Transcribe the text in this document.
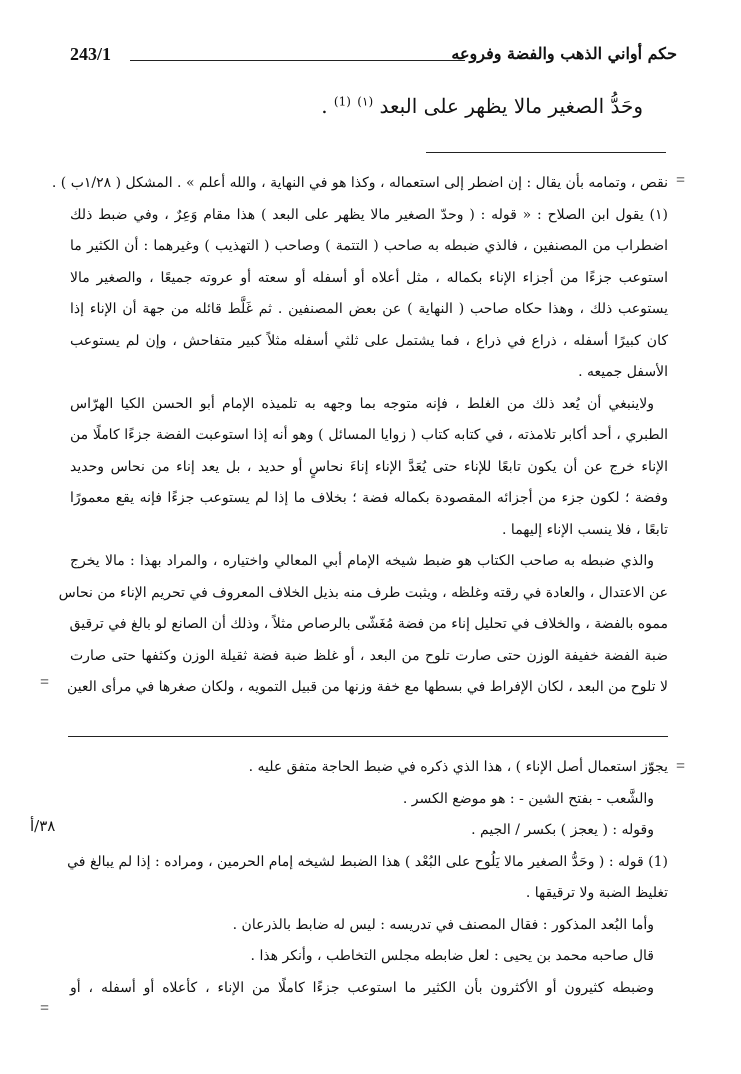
243/1	حكم أواني الذهب والفضة وفروعه
وحَدُّ الصغير مالا يظهر على البعد $^{(١)}$ $^{(1)}$ .
=

نقص ، وتمامه بأن يقال : إن اضطر إلى استعماله ، وكذا هو في النهاية ، والله أعلم » . المشكل ( ١/٢٨ب ) .

(١) يقول ابن الصلاح : « قوله : ( وحدّ الصغير مالا يظهر على البعد ) هذا مقام وَعِرٌ ، وفي ضبط ذلك

اضطراب من المصنفين ، فالذي ضبطه به صاحب ( التتمة ) وصاحب ( التهذيب ) وغيرهما : أن الكثير ما

استوعب جزءًا من أجزاء الإناء بكماله ، مثل أعلاه أو أسفله أو سعته أو عروته جميعًا ، والصغير مالا

يستوعب ذلك ، وهذا حكاه صاحب ( النهاية ) عن بعض المصنفين . ثم غَلَّط قائله من جهة أن الإناء إذا

كان كبيرًا أسفله ، ذراع في ذراع ، فما يشتمل على ثلثي أسفله مثلاً كبير متفاحش ، وإن لم يستوعب

الأسفل جميعه .

ولاينبغي أن يُعد ذلك من الغلط ، فإنه متوجه بما وجهه به تلميذه الإمام أبو الحسن الكيا الهرّاس

الطبري ، أحد أكابر تلامذته ، في كتابه كتاب ( زوايا المسائل ) وهو أنه إذا استوعبت الفضة جزءًا كاملًا من

الإناء خرج عن أن يكون تابعًا للإناء حتى يُعَدَّ الإناء إناءَ نحاسٍ أو حديد ، بل يعد إناء من نحاس وحديد

وفضة ؛ لكون جزء من أجزائه المقصودة بكماله فضة ؛ بخلاف ما إذا لم يستوعب جزءًا فإنه يقع معمورًا

تابعًا ، فلا ينسب الإناء إليهما .

والذي ضبطه به صاحب الكتاب هو ضبط شيخه الإمام أبي المعالي واختياره ، والمراد بهذا : مالا يخرج

عن الاعتدال ، والعادة في رقته وغلظه ، ويثبت طرف منه بذيل الخلاف المعروف في تحريم الإناء من نحاس

مموه بالفضة ، والخلاف في تحليل إناء من فضة مُغَشّى بالرصاص مثلاً ، وذلك أن الصانع لو بالغ في ترقيق

ضبة الفضة خفيفة الوزن حتى صارت تلوح من البعد ، أو غلظ ضبة فضة ثقيلة الوزن وكثفها حتى صارت

لا تلوح من البعد ، لكان الإفراط في بسطها مع خفة وزنها من قبيل التمويه ، ولكان صغرها في مرأى العين

=
=
٣٨/أ

يجوّز استعمال أصل الإناء ) ، هذا الذي ذكره في ضبط الحاجة متفق عليه .

والشَّعب - بفتح الشين - : هو موضع الكسر .

وقوله : ( يعجز ) بكسر / الجيم .

(1) قوله : ( وحَدُّ الصغير مالا يَلُوح على البُعْد ) هذا الضبط لشيخه إمام الحرمين ، ومراده : إذا لم يبالغ في

تغليظ الضبة ولا ترقيقها .

وأما البُعد المذكور : فقال المصنف في تدريسه : ليس له ضابط بالذرعان .

قال صاحبه محمد بن يحيى : لعل ضابطه مجلس التخاطب ، وأنكر هذا .

وضبطه كثيرون أو الأكثرون بأن الكثير ما استوعب جزءًا كاملًا من الإناء ، كأعلاه أو أسفله ، أو

=
